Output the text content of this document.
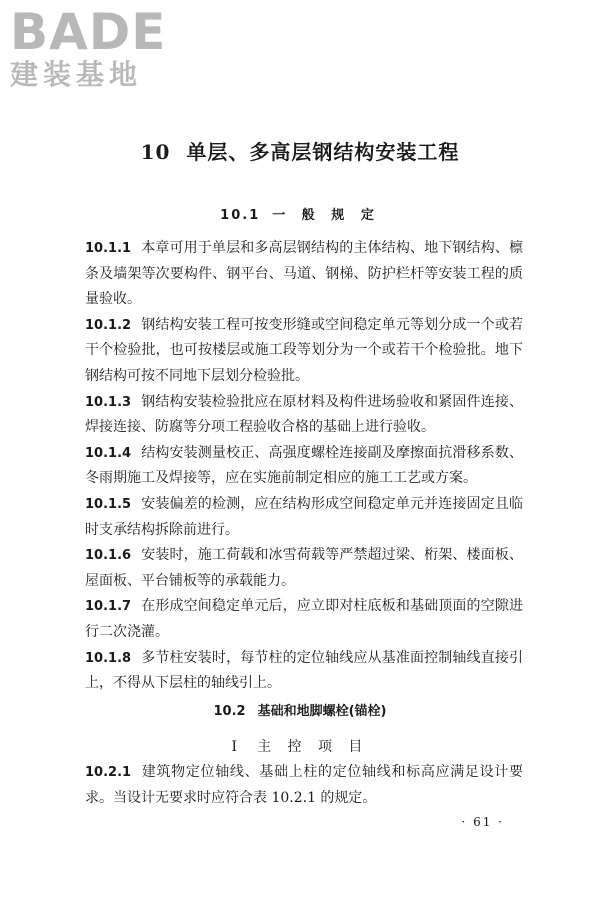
BADE
建装基地
10 单层、多高层钢结构安装工程
10.1 一 般 规 定

10.1.1 本章可用于单层和多高层钢结构的主体结构、地下钢结构、檩条及墙架等次要构件、钢平台、马道、钢梯、防护栏杆等安装工程的质量验收。

10.1.2 钢结构安装工程可按变形缝或空间稳定单元等划分成一个或若干个检验批，也可按楼层或施工段等划分为一个或若干个检验批。地下钢结构可按不同地下层划分检验批。

10.1.3 钢结构安装检验批应在原材料及构件进场验收和紧固件连接、焊接连接、防腐等分项工程验收合格的基础上进行验收。

10.1.4 结构安装测量校正、高强度螺栓连接副及摩擦面抗滑移系数、冬雨期施工及焊接等，应在实施前制定相应的施工工艺或方案。

10.1.5 安装偏差的检测，应在结构形成空间稳定单元并连接固定且临时支承结构拆除前进行。

10.1.6 安装时，施工荷载和冰雪荷载等严禁超过梁、桁架、楼面板、屋面板、平台铺板等的承载能力。

10.1.7 在形成空间稳定单元后，应立即对柱底板和基础顶面的空隙进行二次浇灌。

10.1.8 多节柱安装时，每节柱的定位轴线应从基准面控制轴线直接引上，不得从下层柱的轴线引上。

10.2 基础和地脚螺栓(锚栓)
Ⅰ 主 控 项 目

10.2.1 建筑物定位轴线、基础上柱的定位轴线和标高应满足设计要求。当设计无要求时应符合表 10.2.1 的规定。

· 61 ·
